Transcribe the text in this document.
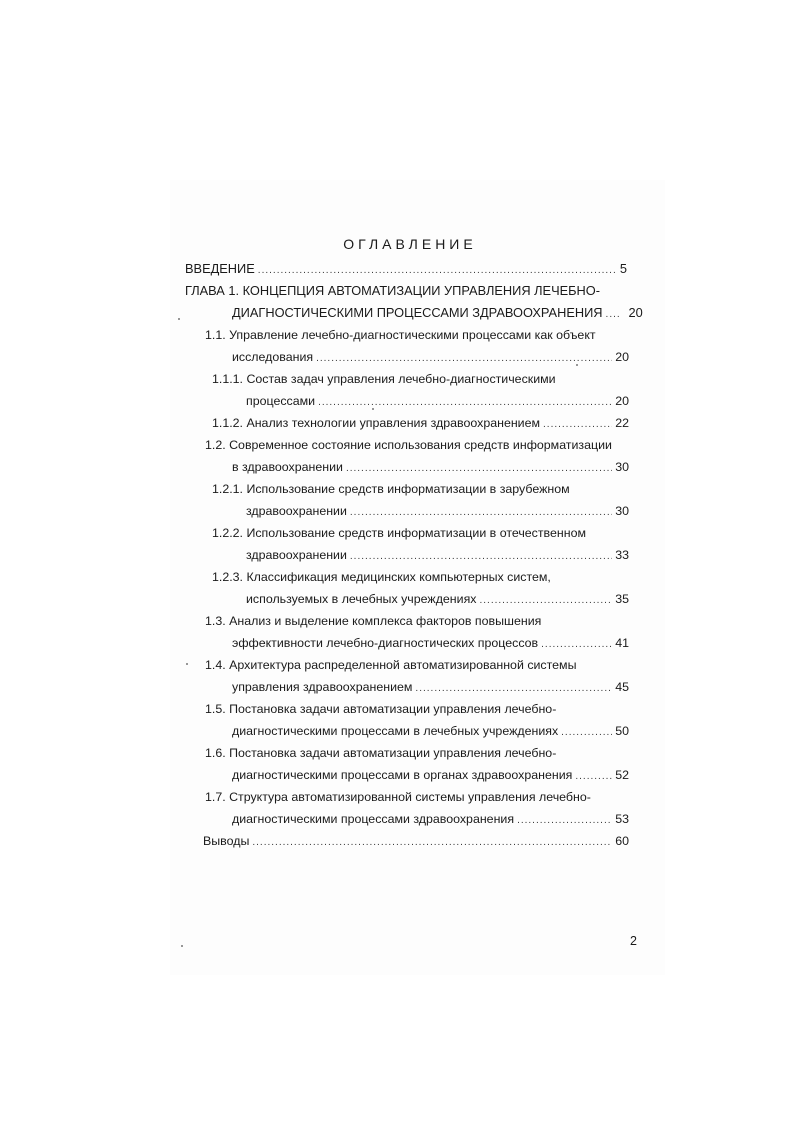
ОГЛАВЛЕНИЕ
ВВЕДЕНИЕ .....	5
ГЛАВА 1. КОНЦЕПЦИЯ АВТОМАТИЗАЦИИ УПРАВЛЕНИЯ ЛЕЧЕБНО-
ДИАГНОСТИЧЕСКИМИ ПРОЦЕССАМИ ЗДРАВООХРАНЕНИЯ ..... 20
1.1. Управление лечебно-диагностическими процессами как объект
исследования .....	20
1.1.1. Состав задач управления лечебно-диагностическими
процессами .....	20
1.1.2. Анализ технологии управления здравоохранением .....	22
1.2. Современное состояние использования средств информатизации
в здравоохранении .....	30
1.2.1. Использование средств информатизации в зарубежном
здравоохранении .....	30
1.2.2. Использование средств информатизации в отечественном
здравоохранении .....	33
1.2.3. Классификация медицинских компьютерных систем,
используемых в лечебных учреждениях .....	35
1.3. Анализ и выделение комплекса факторов повышения
эффективности лечебно-диагностических процессов .....	41
1.4. Архитектура распределенной автоматизированной системы
управления здравоохранением .....	45
1.5. Постановка задачи автоматизации управления лечебно-
диагностическими процессами в лечебных учреждениях .....	50
1.6. Постановка задачи автоматизации управления лечебно-
диагностическими процессами в органах здравоохранения .....	52
1.7. Структура автоматизированной системы управления лечебно-
диагностическими процессами здравоохранения .....	53
Выводы .....	60
2
